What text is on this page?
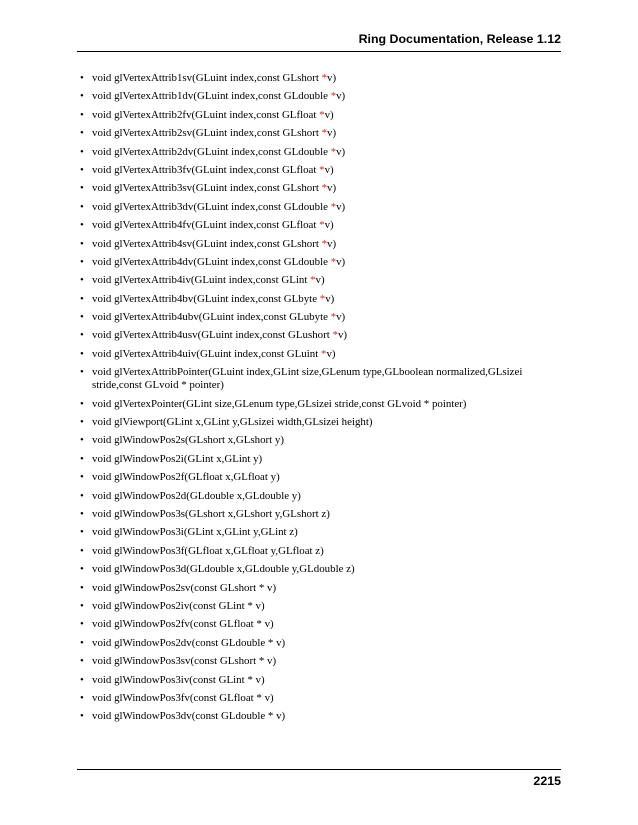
Ring Documentation, Release 1.12
• void glVertexAttrib1sv(GLuint index,const GLshort *v)
• void glVertexAttrib1dv(GLuint index,const GLdouble *v)
• void glVertexAttrib2fv(GLuint index,const GLfloat *v)
• void glVertexAttrib2sv(GLuint index,const GLshort *v)
• void glVertexAttrib2dv(GLuint index,const GLdouble *v)
• void glVertexAttrib3fv(GLuint index,const GLfloat *v)
• void glVertexAttrib3sv(GLuint index,const GLshort *v)
• void glVertexAttrib3dv(GLuint index,const GLdouble *v)
• void glVertexAttrib4fv(GLuint index,const GLfloat *v)
• void glVertexAttrib4sv(GLuint index,const GLshort *v)
• void glVertexAttrib4dv(GLuint index,const GLdouble *v)
• void glVertexAttrib4iv(GLuint index,const GLint *v)
• void glVertexAttrib4bv(GLuint index,const GLbyte *v)
• void glVertexAttrib4ubv(GLuint index,const GLubyte *v)
• void glVertexAttrib4usv(GLuint index,const GLushort *v)
• void glVertexAttrib4uiv(GLuint index,const GLuint *v)
• void glVertexAttribPointer(GLuint index,GLint size,GLenum type,GLboolean normalized,GLsizei stride,const GLvoid * pointer)
• void glVertexPointer(GLint size,GLenum type,GLsizei stride,const GLvoid * pointer)
• void glViewport(GLint x,GLint y,GLsizei width,GLsizei height)
• void glWindowPos2s(GLshort x,GLshort y)
• void glWindowPos2i(GLint x,GLint y)
• void glWindowPos2f(GLfloat x,GLfloat y)
• void glWindowPos2d(GLdouble x,GLdouble y)
• void glWindowPos3s(GLshort x,GLshort y,GLshort z)
• void glWindowPos3i(GLint x,GLint y,GLint z)
• void glWindowPos3f(GLfloat x,GLfloat y,GLfloat z)
• void glWindowPos3d(GLdouble x,GLdouble y,GLdouble z)
• void glWindowPos2sv(const GLshort * v)
• void glWindowPos2iv(const GLint * v)
• void glWindowPos2fv(const GLfloat * v)
• void glWindowPos2dv(const GLdouble * v)
• void glWindowPos3sv(const GLshort * v)
• void glWindowPos3iv(const GLint * v)
• void glWindowPos3fv(const GLfloat * v)
• void glWindowPos3dv(const GLdouble * v)
2215
